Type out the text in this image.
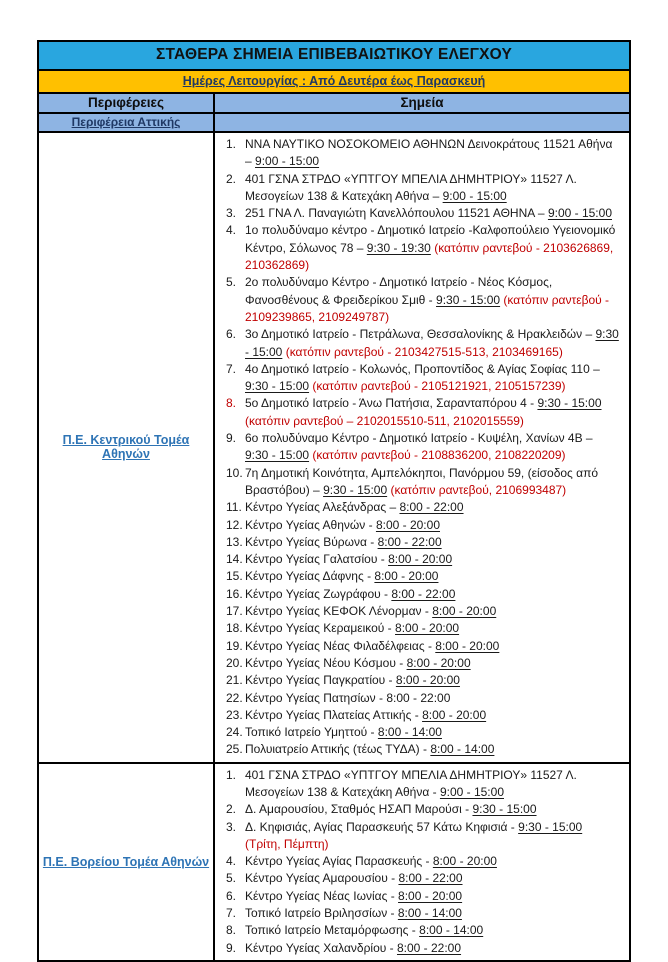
ΣΤΑΘΕΡΑ ΣΗΜΕΙΑ ΕΠΙΒΕΒΑΙΩΤΙΚΟΥ ΕΛΕΓΧΟΥ
Ημέρες Λειτουργίας : Από Δευτέρα έως Παρασκευή
Περιφέρειες	Σημεία
Περιφέρεια Αττικής
Π.Ε. Κεντρικού Τομέα Αθηνών
1. ΝΝΑ ΝΑΥΤΙΚΟ ΝΟΣΟΚΟΜΕΙΟ ΑΘΗΝΩΝ Δεινοκράτους 11521 Αθήνα – 9:00 - 15:00
2. 401 ΓΣΝΑ ΣΤΡΔΟ «ΥΠΤΓΟΥ ΜΠΕΛΙΑ ΔΗΜΗΤΡΙΟΥ» 11527 Λ. Μεσογείων 138 & Κατεχάκη Αθήνα – 9:00 - 15:00
3. 251 ΓΝΑ Λ. Παναγιώτη Κανελλόπουλου 11521 ΑΘΗΝΑ – 9:00 - 15:00
4. 1ο πολυδύναμο κέντρο - Δημοτικό Ιατρείο -Καλφοπούλειο Υγειονομικό Κέντρο, Σόλωνος 78 – 9:30 - 19:30 (κατόπιν ραντεβού - 2103626869, 210362869)
5. 2ο πολυδύναμο Κέντρο - Δημοτικό Ιατρείο - Νέος Κόσμος, Φανοσθένους & Φρειδερίκου Σμιθ - 9:30 - 15:00 (κατόπιν ραντεβού - 2109239865, 2109249787)
6. 3ο Δημοτικό Ιατρείο - Πετράλωνα, Θεσσαλονίκης & Ηρακλειδών – 9:30 - 15:00 (κατόπιν ραντεβού - 2103427515-513, 2103469165)
7. 4ο Δημοτικό Ιατρείο - Κολωνός, Προποντίδος & Αγίας Σοφίας 110 – 9:30 - 15:00 (κατόπιν ραντεβού - 2105121921, 2105157239)
8. 5ο Δημοτικό Ιατρείο - Άνω Πατήσια, Σαρανταπόρου 4 - 9:30 - 15:00 (κατόπιν ραντεβού – 2102015510-511, 2102015559)
9. 6ο πολυδύναμο Κέντρο - Δημοτικό Ιατρείο - Κυψέλη, Χανίων 4Β – 9:30 - 15:00 (κατόπιν ραντεβού - 2108836200, 2108220209)
10. 7η Δημοτική Κοινότητα, Αμπελόκηποι, Πανόρμου 59, (είσοδος από Βραστόβου) – 9:30 - 15:00 (κατόπιν ραντεβού, 2106993487)
11. Κέντρο Υγείας Αλεξάνδρας – 8:00 - 22:00
12. Κέντρο Υγείας Αθηνών - 8:00 - 20:00
13. Κέντρο Υγείας Βύρωνα - 8:00 - 22:00
14. Κέντρο Υγείας Γαλατσίου - 8:00 - 20:00
15. Κέντρο Υγείας Δάφνης - 8:00 - 20:00
16. Κέντρο Υγείας Ζωγράφου - 8:00 - 22:00
17. Κέντρο Υγείας ΚΕΦΟΚ Λένορμαν - 8:00 - 20:00
18. Κέντρο Υγείας Κεραμεικού - 8:00 - 20:00
19. Κέντρο Υγείας Νέας Φιλαδέλφειας - 8:00 - 20:00
20. Κέντρο Υγείας Νέου Κόσμου - 8:00 - 20:00
21. Κέντρο Υγείας Παγκρατίου - 8:00 - 20:00
22. Κέντρο Υγείας Πατησίων - 8:00 - 22:00
23. Κέντρο Υγείας Πλατείας Αττικής - 8:00 - 20:00
24. Τοπικό Ιατρείο Υμηττού - 8:00 - 14:00
25. Πολυιατρείο Αττικής (τέως ΤΥΔΑ) - 8:00 - 14:00
Π.Ε. Βορείου Τομέα Αθηνών
1. 401 ΓΣΝΑ ΣΤΡΔΟ «ΥΠΤΓΟΥ ΜΠΕΛΙΑ ΔΗΜΗΤΡΙΟΥ» 11527 Λ. Μεσογείων 138 & Κατεχάκη Αθήνα - 9:00 - 15:00
2. Δ. Αμαρουσίου, Σταθμός ΗΣΑΠ Μαρούσι - 9:30 - 15:00
3. Δ. Κηφισιάς, Αγίας Παρασκευής 57 Κάτω Κηφισιά - 9:30 - 15:00 (Τρίτη, Πέμπτη)
4. Κέντρο Υγείας Αγίας Παρασκευής - 8:00 - 20:00
5. Κέντρο Υγείας Αμαρουσίου - 8:00 - 22:00
6. Κέντρο Υγείας Νέας Ιωνίας - 8:00 - 20:00
7. Τοπικό Ιατρείο Βριλησσίων - 8:00 - 14:00
8. Τοπικό Ιατρείο Μεταμόρφωσης - 8:00 - 14:00
9. Κέντρο Υγείας Χαλανδρίου - 8:00 - 22:00
